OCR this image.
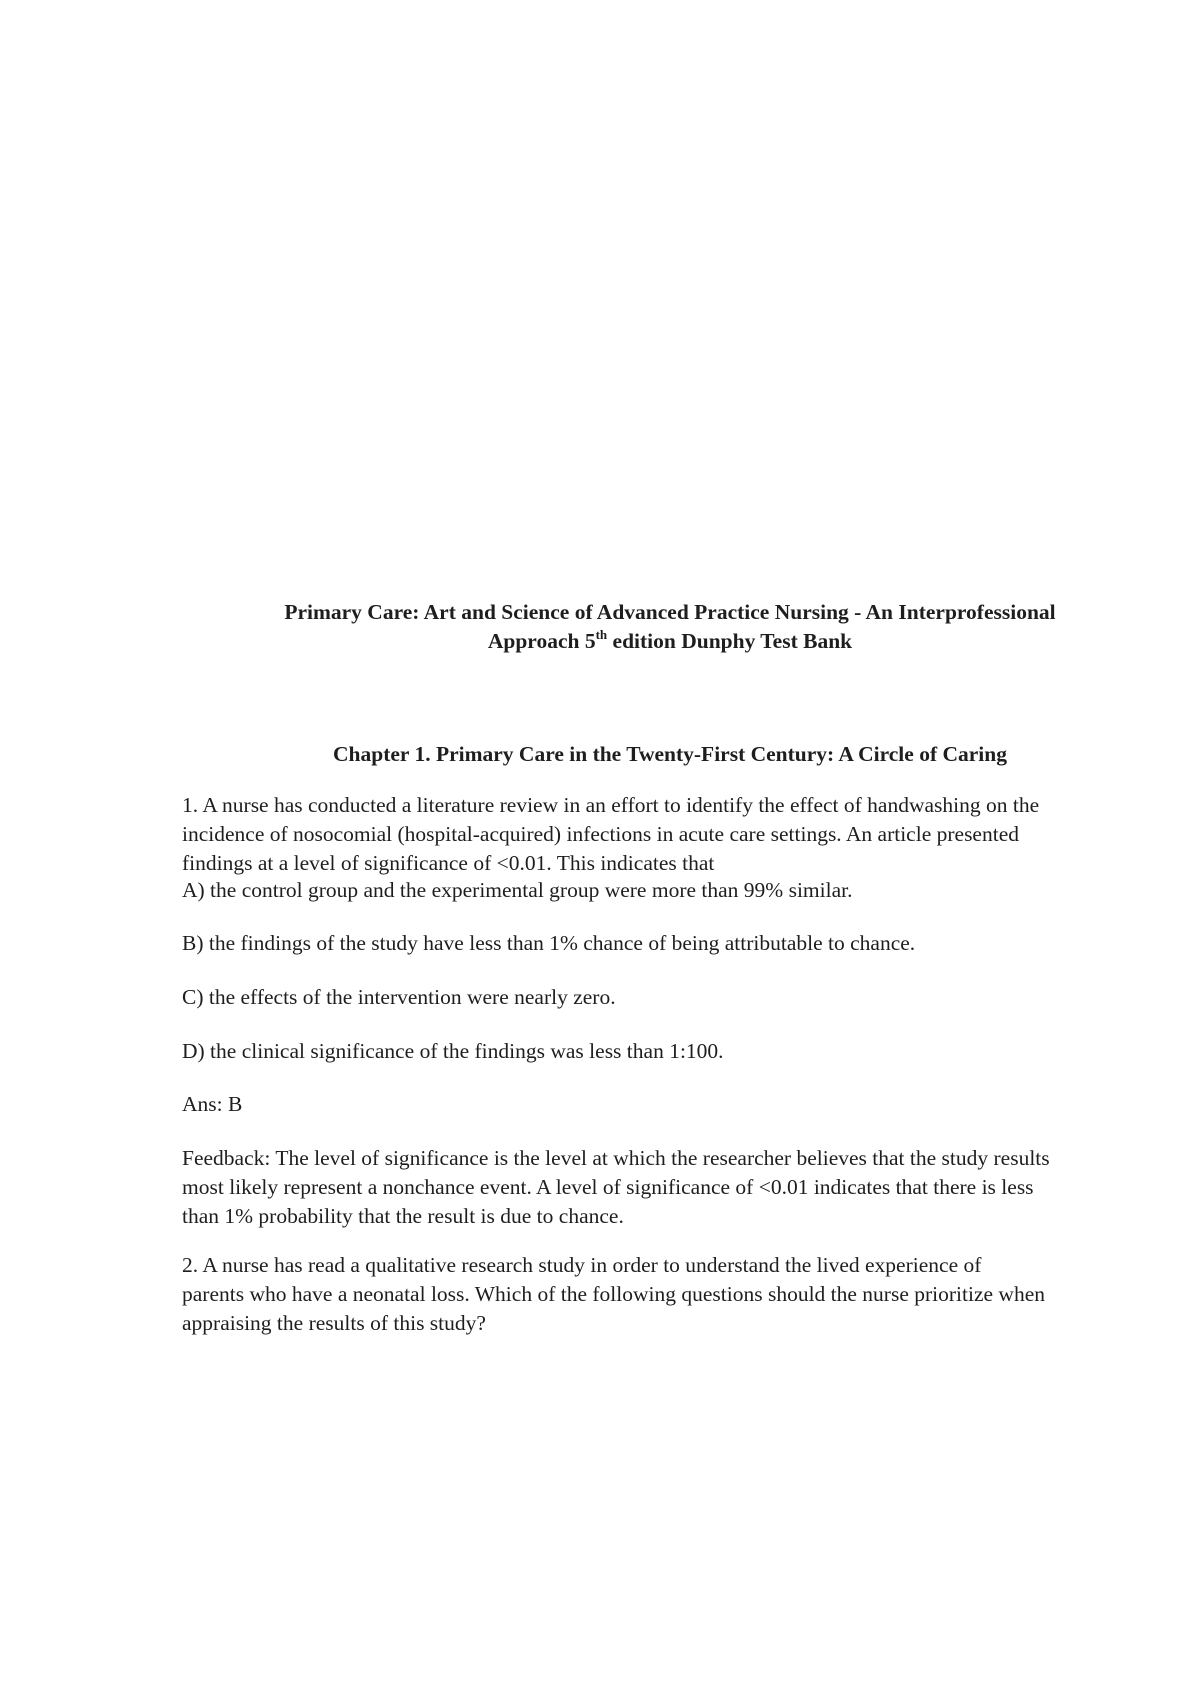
Primary Care: Art and Science of Advanced Practice Nursing - An Interprofessional
Approach 5th edition Dunphy Test Bank
Chapter 1. Primary Care in the Twenty-First Century: A Circle of Caring

1. A nurse has conducted a literature review in an effort to identify the effect of handwashing on the
incidence of nosocomial (hospital-acquired) infections in acute care settings. An article presented
findings at a level of significance of <0.01. This indicates that

A) the control group and the experimental group were more than 99% similar.

B) the findings of the study have less than 1% chance of being attributable to chance.

C) the effects of the intervention were nearly zero.

D) the clinical significance of the findings was less than 1:100.

Ans: B

Feedback: The level of significance is the level at which the researcher believes that the study results
most likely represent a nonchance event. A level of significance of <0.01 indicates that there is less
than 1% probability that the result is due to chance.

2. A nurse has read a qualitative research study in order to understand the lived experience of
parents who have a neonatal loss. Which of the following questions should the nurse prioritize when
appraising the results of this study?
